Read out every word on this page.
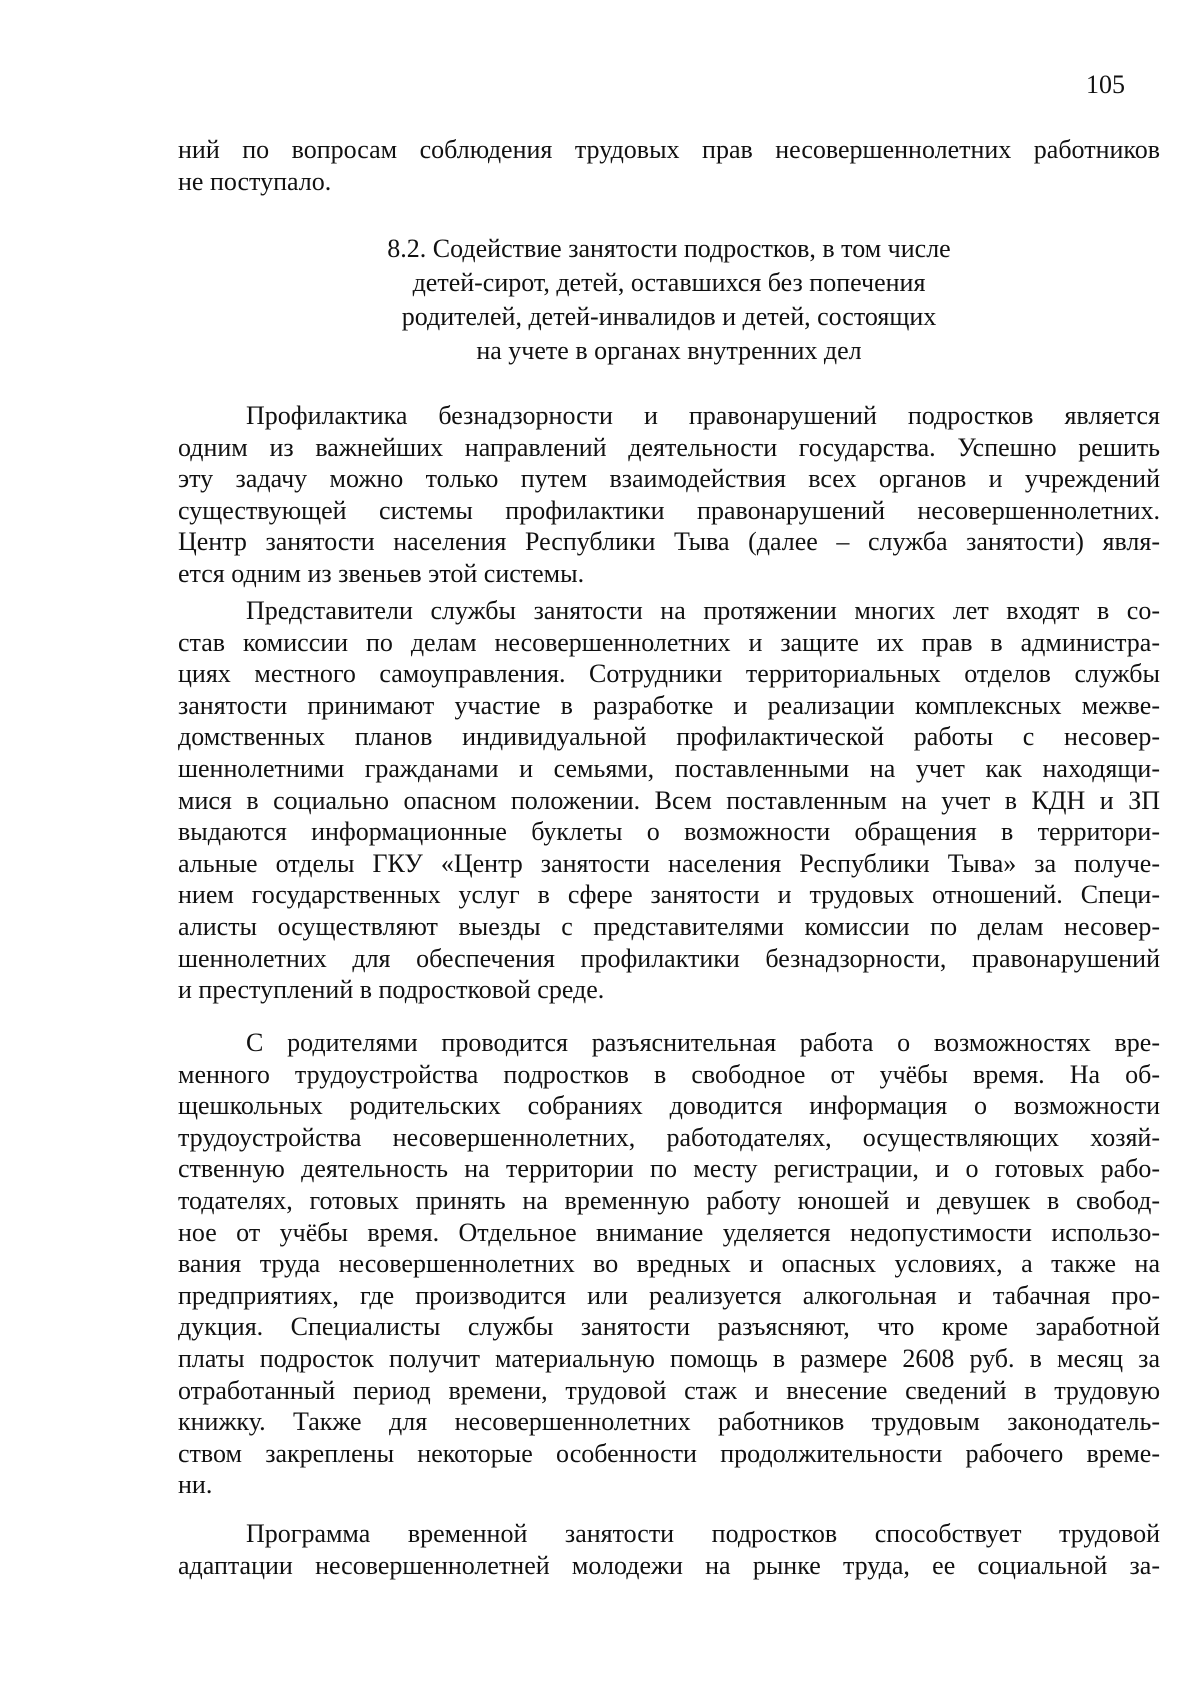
105
ний по вопросам соблюдения трудовых прав несовершеннолетних работников
не поступало.
8.2. Содействие занятости подростков, в том числе
детей-сирот, детей, оставшихся без попечения
родителей, детей-инвалидов и детей, состоящих
на учете в органах внутренних дел
Профилактика безнадзорности и правонарушений подростков является
одним из важнейших направлений деятельности государства. Успешно решить
эту задачу можно только путем взаимодействия всех органов и учреждений
существующей системы профилактики правонарушений несовершеннолетних.
Центр занятости населения Республики Тыва (далее – служба занятости) явля-
ется одним из звеньев этой системы.
Представители службы занятости на протяжении многих лет входят в со-
став комиссии по делам несовершеннолетних и защите их прав в администра-
циях местного самоуправления. Сотрудники территориальных отделов службы
занятости принимают участие в разработке и реализации комплексных межве-
домственных планов индивидуальной профилактической работы с несовер-
шеннолетними гражданами и семьями, поставленными на учет как находящи-
мися в социально опасном положении. Всем поставленным на учет в КДН и ЗП
выдаются информационные буклеты о возможности обращения в территори-
альные отделы ГКУ «Центр занятости населения Республики Тыва» за получе-
нием государственных услуг в сфере занятости и трудовых отношений. Специ-
алисты осуществляют выезды с представителями комиссии по делам несовер-
шеннолетних для обеспечения профилактики безнадзорности, правонарушений
и преступлений в подростковой среде.
С родителями проводится разъяснительная работа о возможностях вре-
менного трудоустройства подростков в свободное от учёбы время. На об-
щешкольных родительских собраниях доводится информация о возможности
трудоустройства несовершеннолетних, работодателях, осуществляющих хозяй-
ственную деятельность на территории по месту регистрации, и о готовых рабо-
тодателях, готовых принять на временную работу юношей и девушек в свобод-
ное от учёбы время. Отдельное внимание уделяется недопустимости использо-
вания труда несовершеннолетних во вредных и опасных условиях, а также на
предприятиях, где производится или реализуется алкогольная и табачная про-
дукция. Специалисты службы занятости разъясняют, что кроме заработной
платы подросток получит материальную помощь в размере 2608 руб. в месяц за
отработанный период времени, трудовой стаж и внесение сведений в трудовую
книжку. Также для несовершеннолетних работников трудовым законодатель-
ством закреплены некоторые особенности продолжительности рабочего време-
ни.
Программа временной занятости подростков способствует трудовой
адаптации несовершеннолетней молодежи на рынке труда, ее социальной за-
